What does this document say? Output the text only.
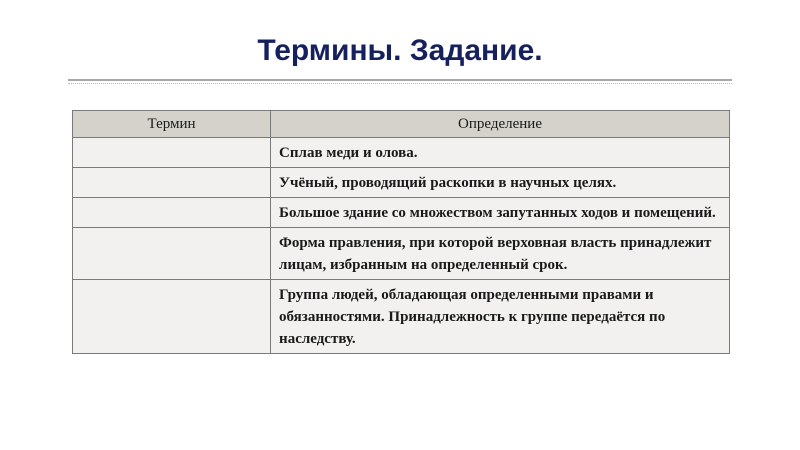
Термины. Задание.
Термин	Определение
	Сплав меди и олова.
	Учёный, проводящий раскопки в научных целях.
	Большое здание со множеством запутанных ходов и помещений.
	Форма правления, при которой верховная власть принадлежит лицам, избранным на определенный срок.
	Группа людей, обладающая определенными правами и обязанностями. Принадлежность к группе передаётся по наследству.
